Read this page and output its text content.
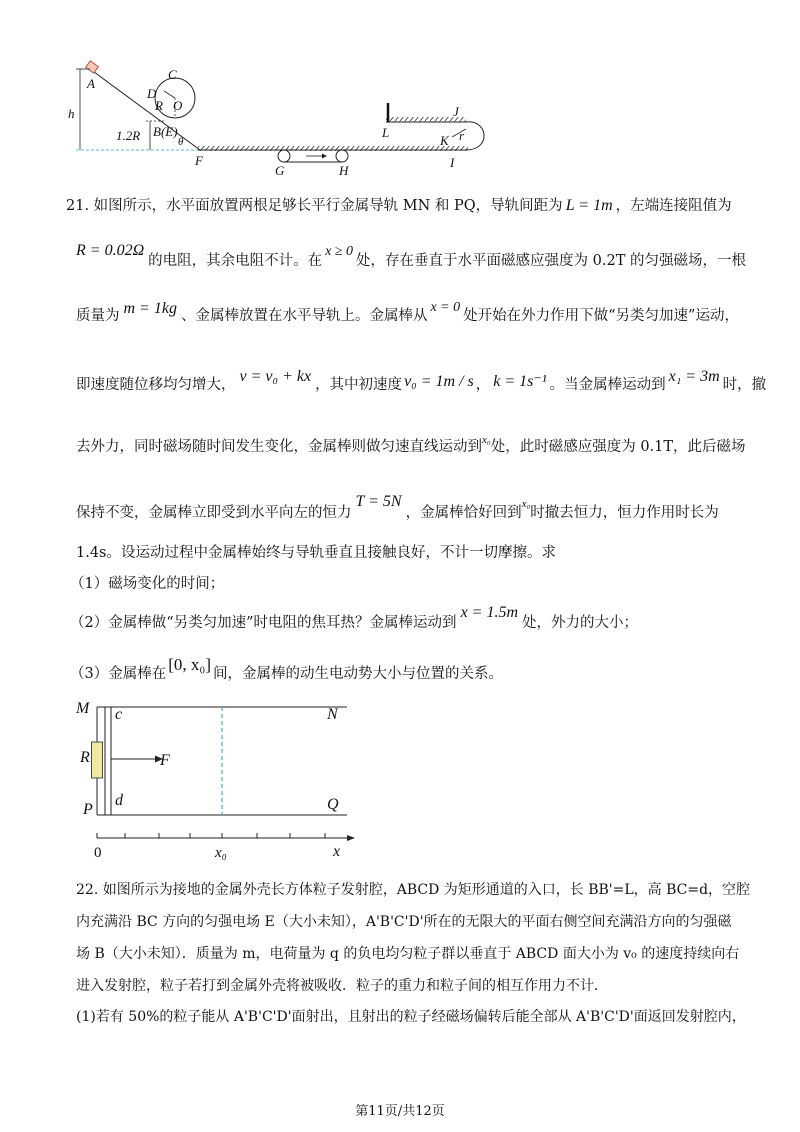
A
C
D
R O
h
1.2R B(E)
θ
F
G	H
L
J
K r
I
21. 如图所示，水平面放置两根足够长平行金属导轨 MN 和 PQ，导轨间距为 L = 1m ，左端连接阻值为
R = 0.02Ω的电阻，其余电阻不计。在x ≥ 0处，存在垂直于水平面磁感应强度为 0.2T 的匀强磁场，一根
质量为 m = 1kg 、金属棒放置在水平导轨上。金属棒从x = 0处开始在外力作用下做“另类匀加速”运动，
即速度随位移均匀增大， v = v₀ + kx ，其中初速度 v₀ = 1m / s ， k = 1s⁻¹ 。当金属棒运动到 x₁ = 3m 时，撤
去外力，同时磁场随时间发生变化，金属棒则做匀速直线运动到$^{x_0}$处，此时磁感应强度为 0.1T，此后磁场
保持不变，金属棒立即受到水平向左的恒力T = 5N，金属棒恰好回到$^{x_0}$时撤去恒力，恒力作用时长为
1.4s。设运动过程中金属棒始终与导轨垂直且接触良好，不计一切摩擦。求
（1）磁场变化的时间；
（2）金属棒做“另类匀加速”时电阻的焦耳热？金属棒运动到x = 1.5m处，外力的大小；
（3）金属棒在 [0, x₀] 间，金属棒的动生电动势大小与位置的关系。
M	N
c
R	F
d
P	Q
0	x₀	x
22. 如图所示为接地的金属外壳长方体粒子发射腔，ABCD 为矩形通道的入口，长 BB'=L，高 BC=d，空腔
内充满沿 BC 方向的匀强电场 E（大小未知），A'B'C'D'所在的无限大的平面右侧空间充满沿方向的匀强磁
场 B（大小未知）．质量为 m，电荷量为 q 的负电均匀粒子群以垂直于 ABCD 面大小为 v₀ 的速度持续向右
进入发射腔，粒子若打到金属外壳将被吸收．粒子的重力和粒子间的相互作用力不计．
(1)若有 50%的粒子能从 A'B'C'D'面射出，且射出的粒子经磁场偏转后能全部从 A'B'C'D'面返回发射腔内，
第11页/共12页
